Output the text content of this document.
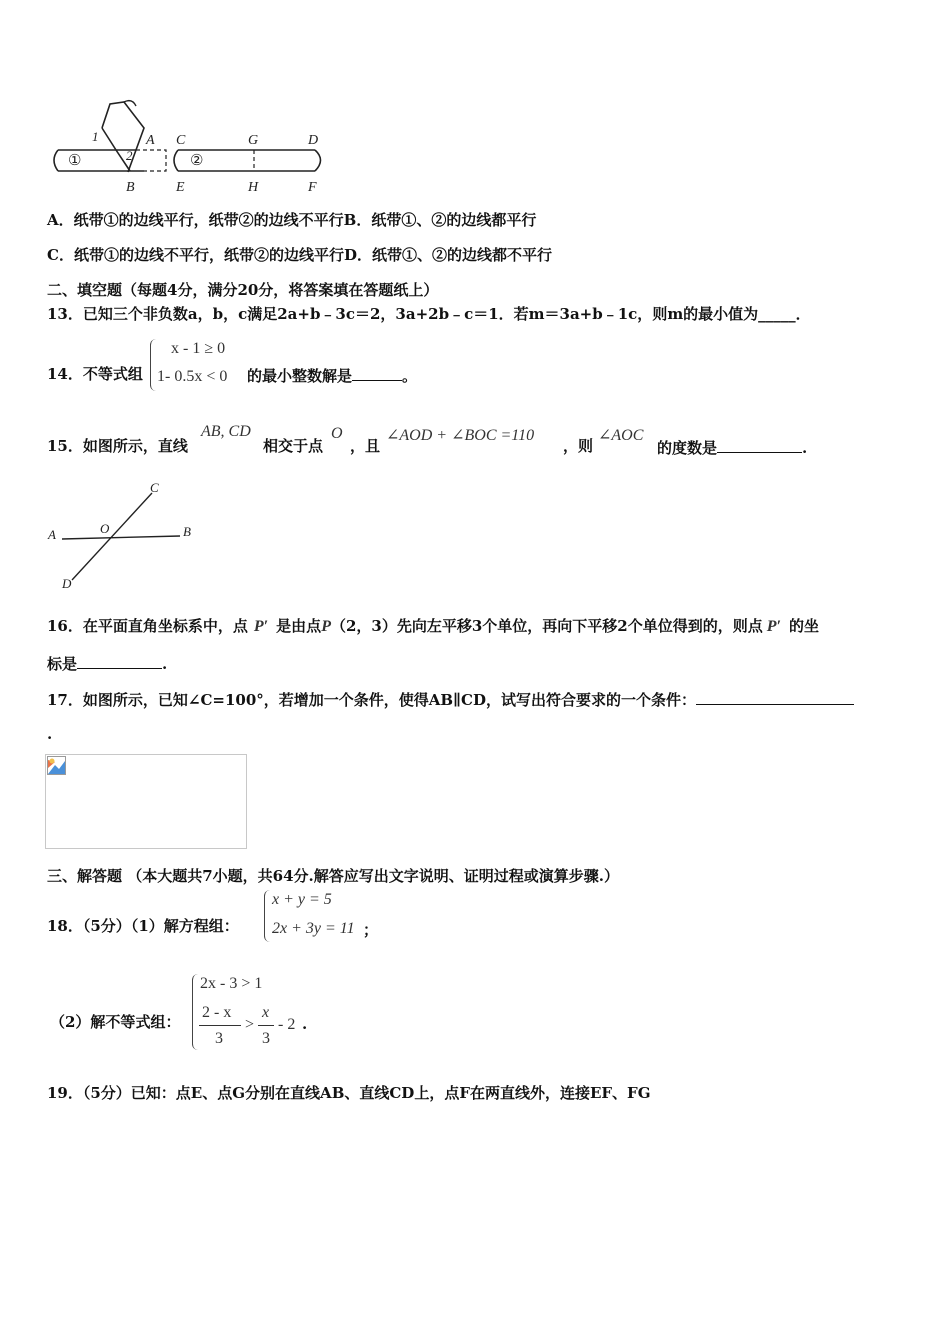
①	②
1
2
A
B
C	G	D
E	H	F
A．纸带①的边线平行，纸带②的边线不平行B．纸带①、②的边线都平行
C．纸带①的边线不平行，纸带②的边线平行D．纸带①、②的边线都不平行
二、填空题（每题4分，满分20分，将答案填在答题纸上）
13．已知三个非负数a，b，c满足2a+b﹣3c＝2，3a+2b﹣c＝1．若m＝3a+b﹣1c，则m的最小值为_____．
14．不等式组
x - 1 ≥ 0
1- 0.5x < 0 的最小整数解是	。
15．如图所示，直线
AB, CD
相交于点
O
，且
∠AOD + ∠BOC =110
，则
∠AOC
的度数是	.
C
A	O	B
D
16．在平面直角坐标系中，点 P′ 是由点P（2，3）先向左平移3个单位，再向下平移2个单位得到的，则点 P′ 的坐
标是	.
17．如图所示，已知∠C=100°，若增加一个条件，使得AB∥CD，试写出符合要求的一个条件：
.
三、解答题 （本大题共7小题，共64分.解答应写出文字说明、证明过程或演算步骤.）
18．（5分）（1）解方程组：
x + y = 5
2x + 3y = 11 ；
（2）解不等式组：
2x - 3 > 1
2 - x
3
>
x
3
- 2 .
19．（5分）已知：点E、点G分别在直线AB、直线CD上，点F在两直线外，连接EF、FG
